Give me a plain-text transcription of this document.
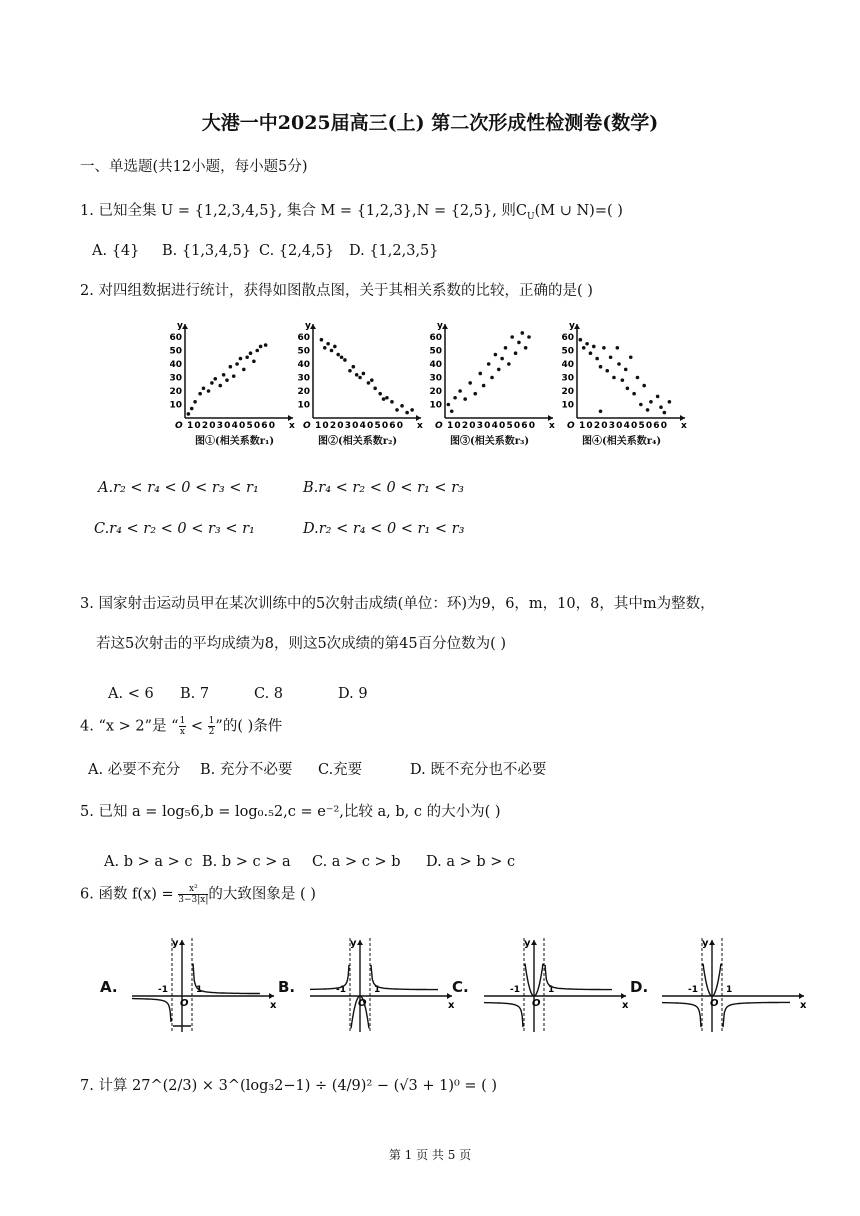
大港一中2025届高三(上) 第二次形成性检测卷(数学)
一、单选题(共12小题，每小题5分)
1. 已知全集 U = {1,2,3,4,5}, 集合 M = {1,2,3},N = {2,5}, 则$C_U(M$ ∪ N)=( )
A. {4} B. {1,3,4,5} C. {2,4,5} D. {1,2,3,5}
2. 对四组数据进行统计，获得如图散点图，关于其相关系数的比较，正确的是( )
y
x
60
50
40
30
20
10
O 102030405060
图①(相关系数r₁)
y
x
60
50
40
30
20
10
O 102030405060
图②(相关系数r₂)
y
x
60
50
40
30
20
10
O 102030405060
图③(相关系数r₃)
y
x
60
50
40
30
20
10
O 102030405060
图④(相关系数r₄)
A.r₂ < r₄ < 0 < r₃ < r₁	B.r₄ < r₂ < 0 < r₁ < r₃
C.r₄ < r₂ < 0 < r₃ < r₁	D.r₂ < r₄ < 0 < r₁ < r₃
3. 国家射击运动员甲在某次训练中的5次射击成绩(单位：环)为9，6，m，10，8，其中m为整数，
若这5次射击的平均成绩为8，则这5次成绩的第45百分位数为( )
A. < 6 B. 7	C. 8	D. 9
4. “x > 2”是 “ $\frac{1}{x} < \frac{1}{2}$ ”的( )条件
A. 必要不充分 B. 充分不必要 C.充要	D. 既不充分也不必要
5. 已知 a = log₅6,b = log₀.₅2,c = e⁻²,比较 a, b, c 的大小为( )
A. b > a > c B. b > c > a C. a > c > b D. a > b > c
6. 函数 $f(x) = \frac{\text{x²}}{3-3|x|}$ 的大致图象是 ( )
A.
y
x
O
-1	1	B.
y
x
O
-1	1	C.
y
x
O
-1	1	D.
y
x
O
-1	1
7. 计算 27^(2/3) × 3^(log₃2−1) ÷ (4/9)² − (√3 + 1)⁰ = ( )
第 1 页 共 5 页
